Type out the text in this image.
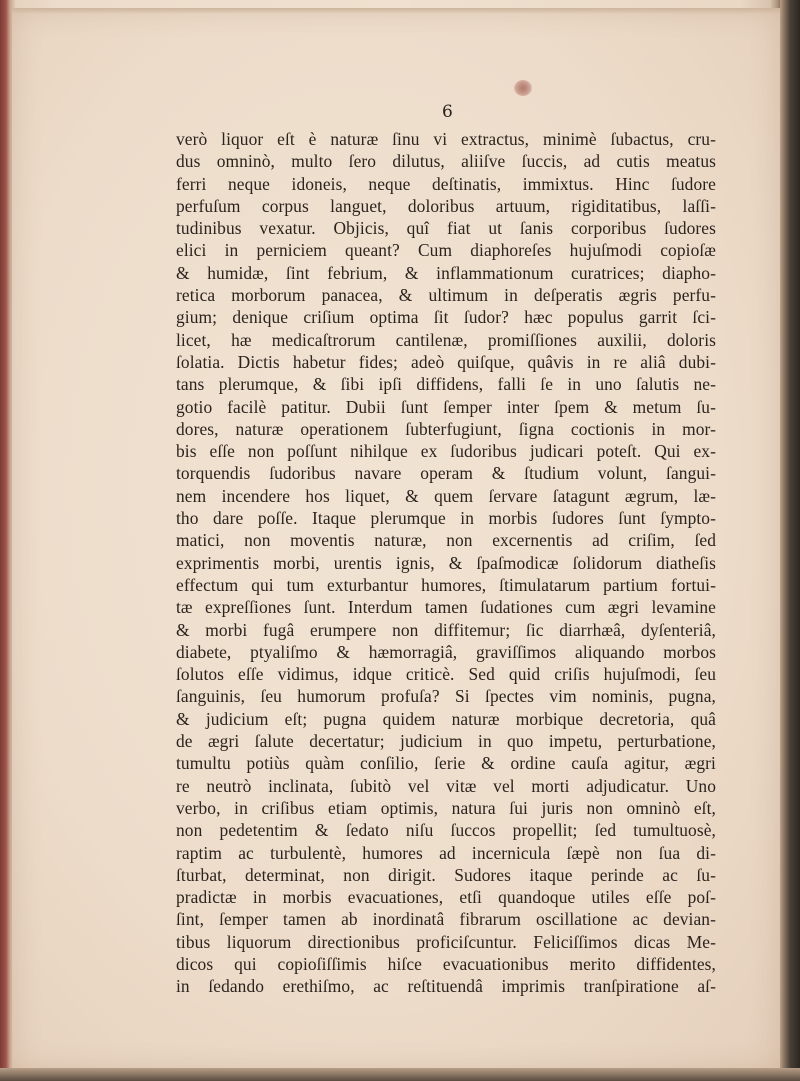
6
verò liquor eſt è naturæ ſinu vi extractus, minimè ſubactus, cru-
dus omninò, multo ſero dilutus, aliiſve ſuccis, ad cutis meatus
ferri neque idoneis, neque deſtinatis, immixtus. Hinc ſudore
perfuſum corpus languet, doloribus artuum, rigiditatibus, laſſi-
tudinibus vexatur. Objicis, quî fiat ut ſanis corporibus ſudores
elici in perniciem queant? Cum diaphoreſes hujuſmodi copioſæ
& humidæ, ſint febrium, & inflammationum curatrices; diapho-
retica morborum panacea, & ultimum in deſperatis ægris perfu-
gium; denique criſium optima ſit ſudor? hæc populus garrit ſci-
licet, hæ medicaſtrorum cantilenæ, promiſſiones auxilii, doloris
ſolatia. Dictis habetur fides; adeò quiſque, quâvis in re aliâ dubi-
tans plerumque, & ſibi ipſi diffidens, falli ſe in uno ſalutis ne-
gotio facilè patitur. Dubii ſunt ſemper inter ſpem & metum ſu-
dores, naturæ operationem ſubterfugiunt, ſigna coctionis in mor-
bis eſſe non poſſunt nihilque ex ſudoribus judicari poteſt. Qui ex-
torquendis ſudoribus navare operam & ſtudium volunt, ſangui-
nem incendere hos liquet, & quem ſervare ſatagunt ægrum, læ-
tho dare poſſe. Itaque plerumque in morbis ſudores ſunt ſympto-
matici, non moventis naturæ, non excernentis ad criſim, ſed
exprimentis morbi, urentis ignis, & ſpaſmodicæ ſolidorum diatheſis
effectum qui tum exturbantur humores, ſtimulatarum partium fortui-
tæ expreſſiones ſunt. Interdum tamen ſudationes cum ægri levamine
& morbi fugâ erumpere non diffitemur; ſic diarrhæâ, dyſenteriâ,
diabete, ptyaliſmo & hæmorragiâ, graviſſimos aliquando morbos
ſolutos eſſe vidimus, idque criticè. Sed quid criſis hujuſmodi, ſeu
ſanguinis, ſeu humorum profuſa? Si ſpectes vim nominis, pugna,
& judicium eſt; pugna quidem naturæ morbique decretoria, quâ
de ægri ſalute decertatur; judicium in quo impetu, perturbatione,
tumultu potiùs quàm conſilio, ſerie & ordine cauſa agitur, ægri
re neutrò inclinata, ſubitò vel vitæ vel morti adjudicatur. Uno
verbo, in criſibus etiam optimis, natura ſui juris non omninò eſt,
non pedetentim & ſedato niſu ſuccos propellit; ſed tumultuosè,
raptim ac turbulentè, humores ad incernicula ſæpè non ſua di-
ſturbat, determinat, non dirigit. Sudores itaque perinde ac ſu-
pradictæ in morbis evacuationes, etſi quandoque utiles eſſe poſ-
ſint, ſemper tamen ab inordinatâ fibrarum oscillatione ac devian-
tibus liquorum directionibus proficiſcuntur. Feliciſſimos dicas Me-
dicos qui copioſiſſimis hiſce evacuationibus merito diffidentes,
in ſedando erethiſmo, ac reſtituendâ imprimis tranſpiratione aſ-
